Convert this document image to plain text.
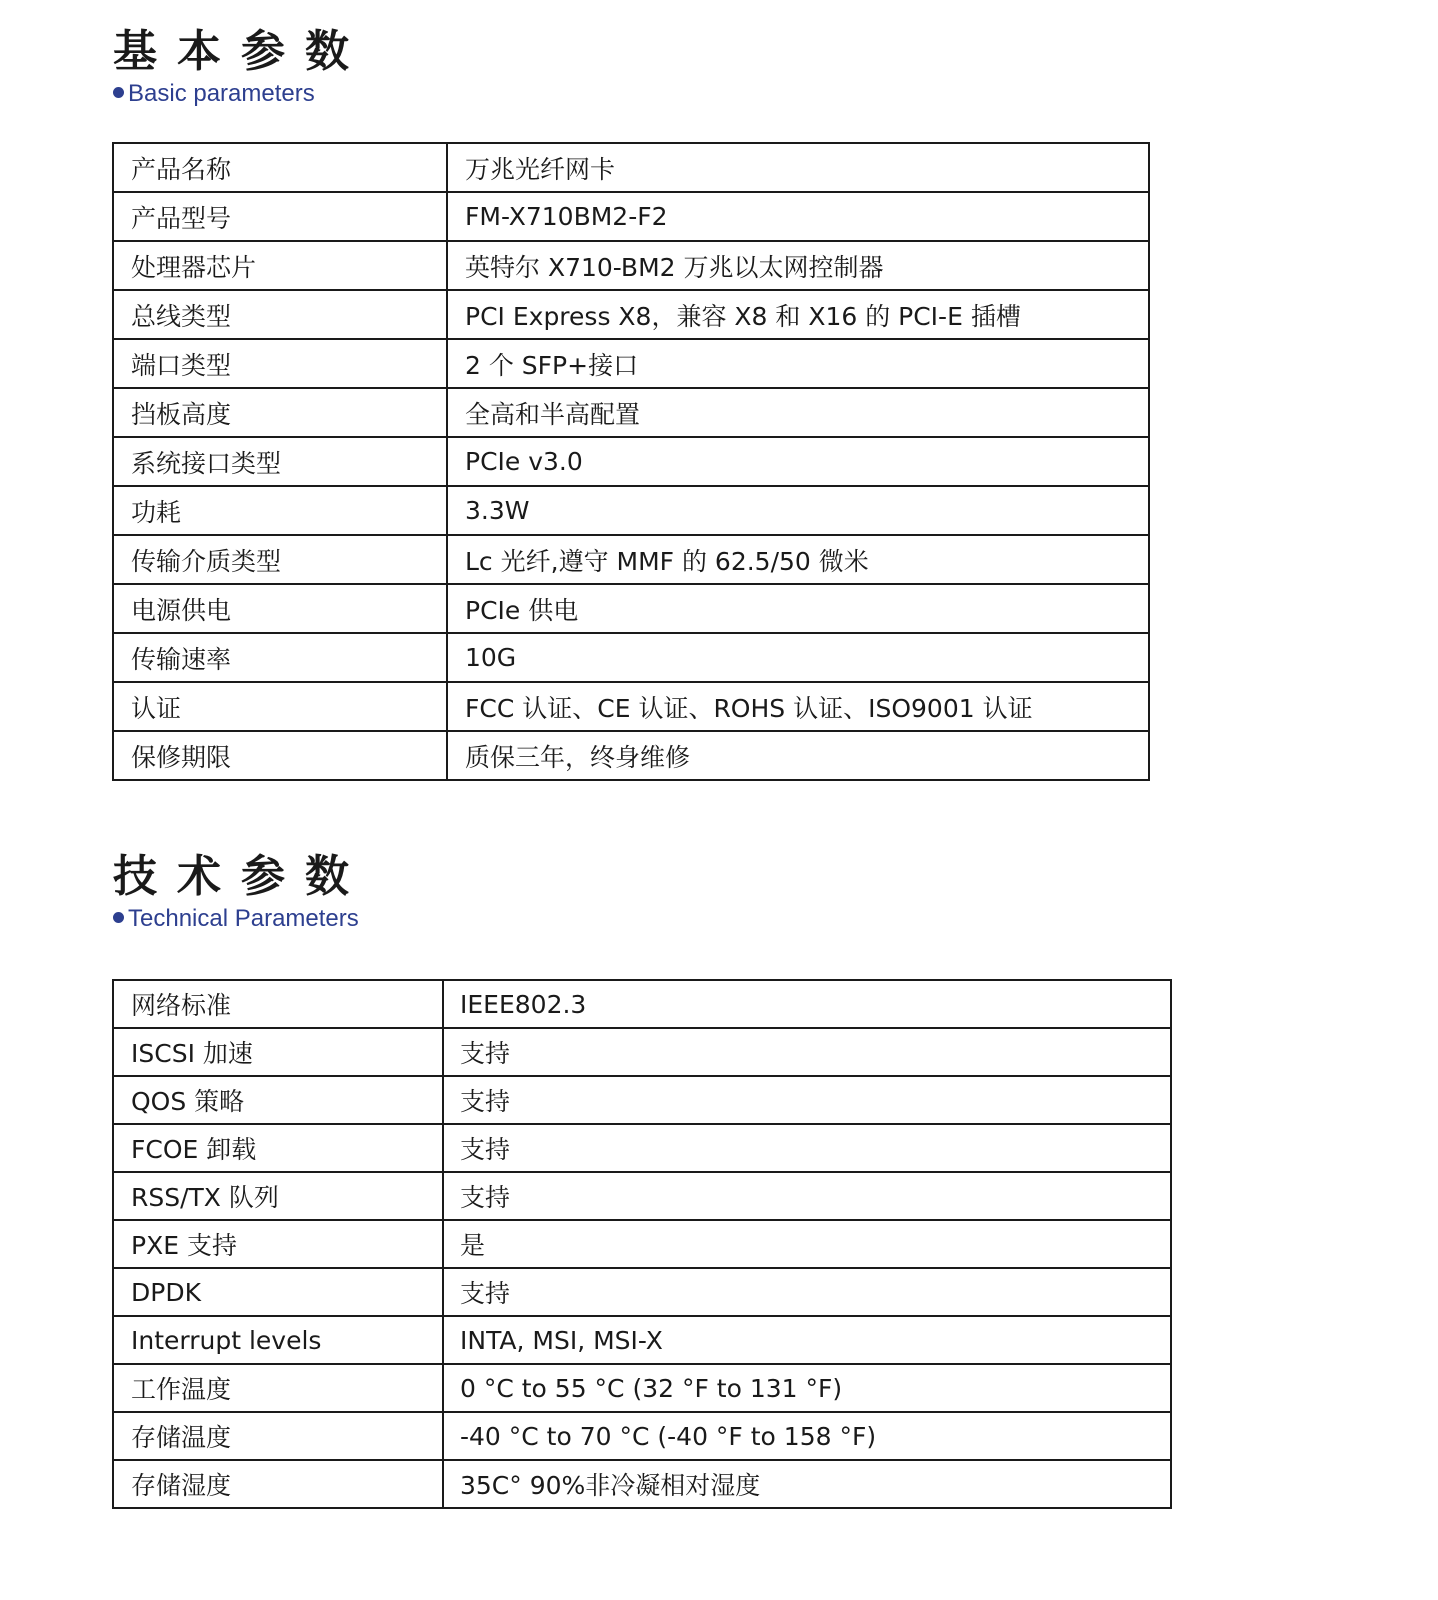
基本参数
Basic parameters
产品名称	万兆光纤网卡
产品型号	FM-X710BM2-F2
处理器芯片	英特尔 X710-BM2 万兆以太网控制器
总线类型	PCI Express X8，兼容 X8 和 X16 的 PCI-E 插槽
端口类型	2 个 SFP+接口
挡板高度	全高和半高配置
系统接口类型	PCIe v3.0
功耗	3.3W
传输介质类型	Lc 光纤,遵守 MMF 的 62.5/50 微米
电源供电	PCIe 供电
传输速率	10G
认证	FCC 认证、CE 认证、ROHS 认证、ISO9001 认证
保修期限	质保三年，终身维修
技术参数
Technical Parameters
网络标准	IEEE802.3
ISCSI 加速	支持
QOS 策略	支持
FCOE 卸载	支持
RSS/TX 队列	支持
PXE 支持	是
DPDK	支持
Interrupt levels	INTA, MSI, MSI-X
工作温度	0 °C to 55 °C (32 °F to 131 °F)
存储温度	-40 °C to 70 °C (-40 °F to 158 °F)
存储湿度	35C° 90%非冷凝相对湿度
